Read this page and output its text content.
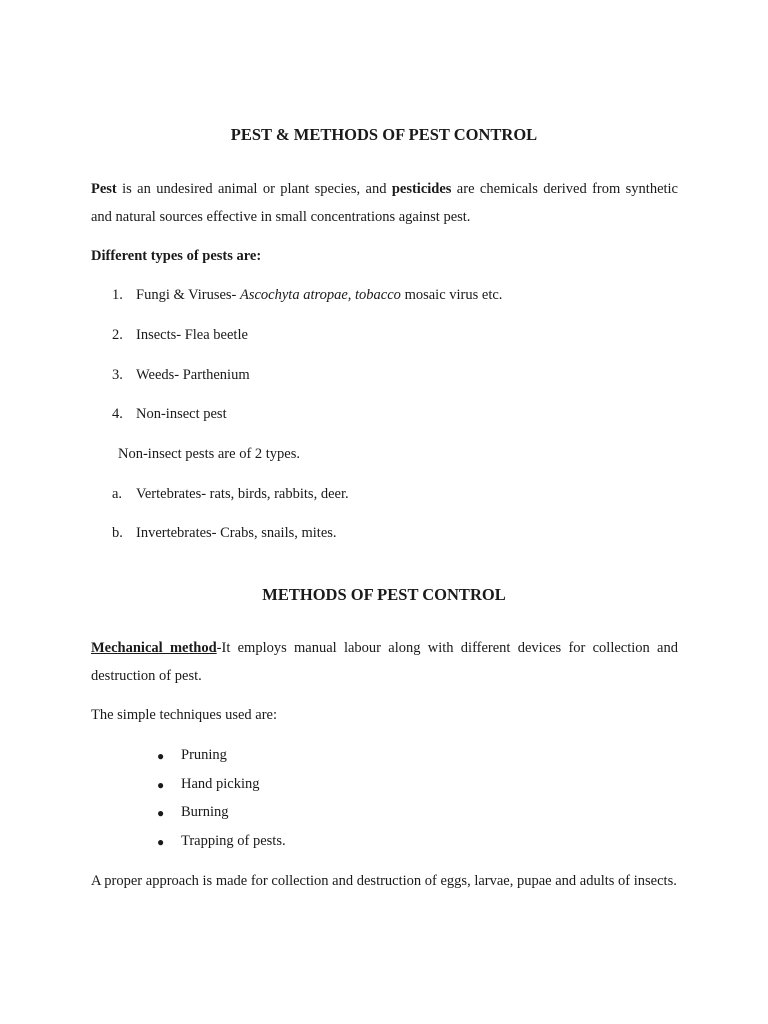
PEST & METHODS OF PEST CONTROL
Pest is an undesired animal or plant species, and pesticides are chemicals derived from synthetic and natural sources effective in small concentrations against pest.
Different types of pests are:
1. Fungi & Viruses- Ascochyta atropae, tobacco mosaic virus etc.
2. Insects- Flea beetle
3. Weeds- Parthenium
4. Non-insect pest
Non-insect pests are of 2 types.
a. Vertebrates- rats, birds, rabbits, deer.
b. Invertebrates- Crabs, snails, mites.
METHODS OF PEST CONTROL
Mechanical method-It employs manual labour along with different devices for collection and destruction of pest.
The simple techniques used are:
● Pruning
● Hand picking
● Burning
● Trapping of pests.
A proper approach is made for collection and destruction of eggs, larvae, pupae and adults of insects.
